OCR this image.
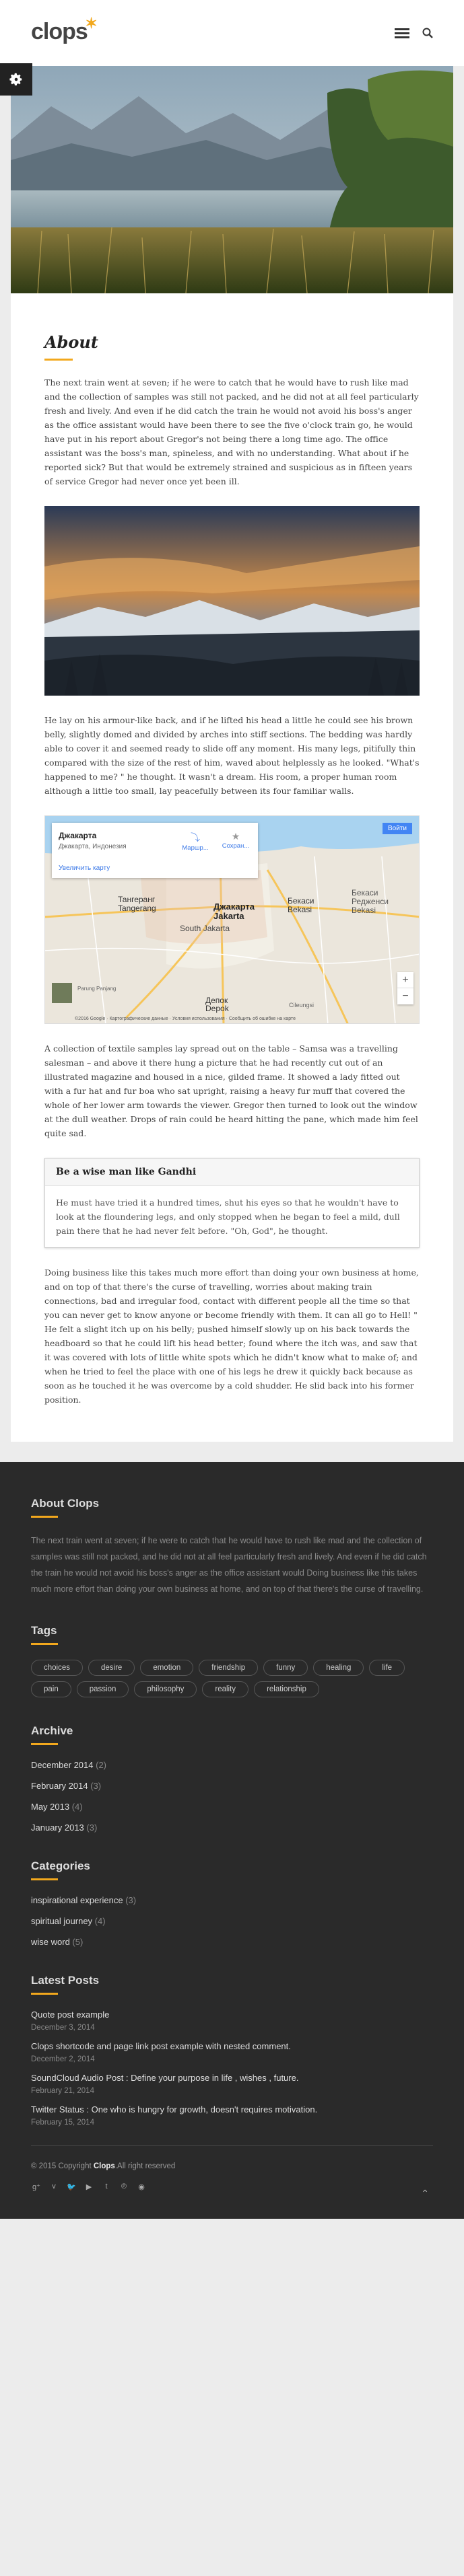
clops
✶
About

The next train went at seven; if he were to catch that he would have to rush like mad and the collection of samples was still not packed, and he did not at all feel particularly fresh and lively. And even if he did catch the train he would not avoid his boss's anger as the office assistant would have been there to see the five o'clock train go, he would have put in his report about Gregor's not being there a long time ago. The office assistant was the boss's man, spineless, and with no understanding. What about if he reported sick? But that would be extremely strained and suspicious as in fifteen years of service Gregor had never once yet been ill.

He lay on his armour-like back, and if he lifted his head a little he could see his brown belly, slightly domed and divided by arches into stiff sections. The bedding was hardly able to cover it and seemed ready to slide off any moment. His many legs, pitifully thin compared with the size of the rest of him, waved about helplessly as he looked. "What's happened to me? " he thought. It wasn't a dream. His room, a proper human room although a little too small, lay peacefully between its four familiar walls.

Джакарта
Джакарта, Индонезия
Увеличить карту
⤵
Маршр...
★
Сохран...
Войти
Тангеранг
Tangerang	Джакарта
Jakarta
South Jakarta
Бекаси
Bekasi
Бекаси
Редженси
Bekasi
Депок
Depok	Cileungsi
Parung Panjang
+
−
©2016 Google · Картографические данные · Условия использования · Сообщить об ошибке на карте

A collection of textile samples lay spread out on the table – Samsa was a travelling salesman – and above it there hung a picture that he had recently cut out of an illustrated magazine and housed in a nice, gilded frame. It showed a lady fitted out with a fur hat and fur boa who sat upright, raising a heavy fur muff that covered the whole of her lower arm towards the viewer. Gregor then turned to look out the window at the dull weather. Drops of rain could be heard hitting the pane, which made him feel quite sad.

Be a wise man like Gandhi
He must have tried it a hundred times, shut his eyes so that he wouldn't have to look at the floundering legs, and only stopped when he began to feel a mild, dull pain there that he had never felt before. "Oh, God", he thought.

Doing business like this takes much more effort than doing your own business at home, and on top of that there's the curse of travelling, worries about making train connections, bad and irregular food, contact with different people all the time so that you can never get to know anyone or become friendly with them. It can all go to Hell! " He felt a slight itch up on his belly; pushed himself slowly up on his back towards the headboard so that he could lift his head better; found where the itch was, and saw that it was covered with lots of little white spots which he didn't know what to make of; and when he tried to feel the place with one of his legs he drew it quickly back because as soon as he touched it he was overcome by a cold shudder. He slid back into his former position.

About Clops
The next train went at seven; if he were to catch that he would have to rush like mad and the collection of samples was still not packed, and he did not at all feel particularly fresh and lively. And even if he did catch the train he would not avoid his boss's anger as the office assistant would Doing business like this takes much more effort than doing your own business at home, and on top of that there's the curse of travelling.
Tags
choices	desire	emotion	friendship	funny	healing	life
pain	passion	philosophy	reality	relationship
Archive
December 2014 (2)
February 2014 (3)
May 2013 (4)
January 2013 (3)
Categories
inspirational experience (3)
spiritual journey (4)
wise word (5)
Latest Posts
Quote post example
December 3, 2014
Clops shortcode and page link post example with nested comment.
December 2, 2014
SoundCloud Audio Post : Define your purpose in life , wishes , future.
February 21, 2014
Twitter Status : One who is hungry for growth, doesn't requires motivation.
February 15, 2014
© 2015 Copyright Clops.All right reserved
g⁺	v	🐦	▶	t	℗	◉
⌃
